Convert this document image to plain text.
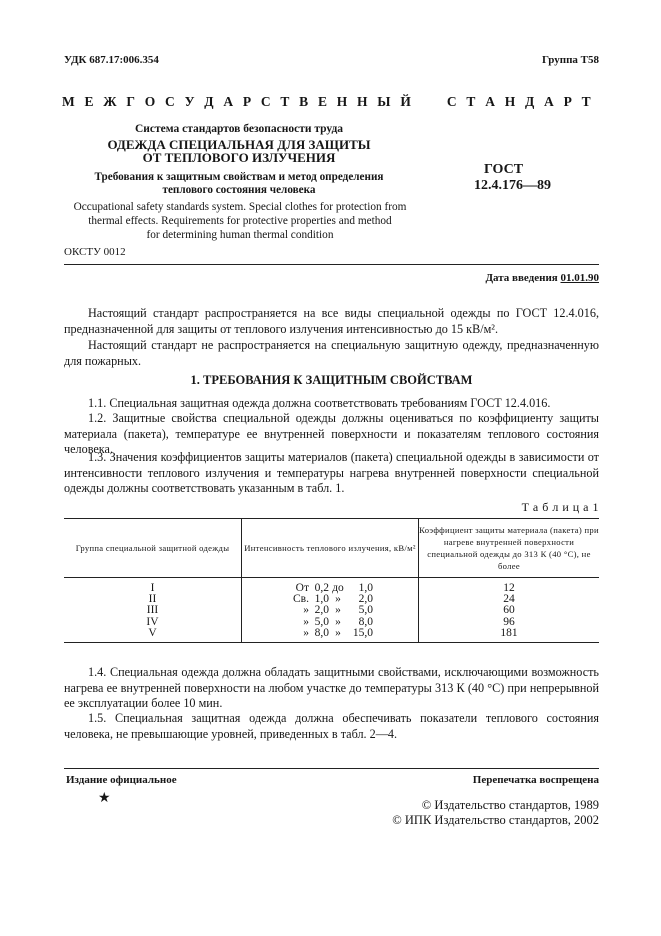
УДК 687.17:006.354	Группа Т58
М Е Ж Г О С У Д А Р С Т В Е Н Н Ы Й     С Т А Н Д А Р Т
Система стандартов безопасности труда
ОДЕЖДА СПЕЦИАЛЬНАЯ ДЛЯ ЗАЩИТЫ
ОТ ТЕПЛОВОГО ИЗЛУЧЕНИЯ
Требования к защитным свойствам и метод определения
теплового состояния человека
Occupational safety standards system. Special clothes for protection from
thermal effects. Requirements for protective properties and method
for determining human thermal condition
ГОСТ
12.4.176—89
ОКСТУ 0012
Дата введения 01.01.90
Настоящий стандарт распространяется на все виды специальной одежды по ГОСТ 12.4.016, предназначенной для защиты от теплового излучения интенсивностью до 15 кВ/м².
Настоящий стандарт не распространяется на специальную защитную одежду, предназначенную для пожарных.
1. ТРЕБОВАНИЯ К ЗАЩИТНЫМ СВОЙСТВАМ
1.1. Специальная защитная одежда должна соответствовать требованиям ГОСТ 12.4.016.
1.2. Защитные свойства специальной одежды должны оцениваться по коэффициенту защиты материала (пакета), температуре ее внутренней поверхности и показателям теплового состояния человека.
1.3. Значения коэффициентов защиты материалов (пакета) специальной одежды в зависимости от интенсивности теплового излучения и температуры нагрева внутренней поверхности специальной одежды должны соответствовать указанным в табл. 1.
Т а б л и ц а 1
Группа специальной защитной одежды	Интенсивность теплового излучения, кВ/м²	Коэффициент защиты материала (пакета) при нагреве внутренней поверхности специальной одежды до 313 К (40 °С), не более
I	От 0,2 до 1,0	12
II	Св. 1,0 » 2,0	24
III	» 2,0 » 5,0	60
IV	» 5,0 » 8,0	96
V	» 8,0 » 15,0	181
1.4. Специальная одежда должна обладать защитными свойствами, исключающими возможность нагрева ее внутренней поверхности на любом участке до температуры 313 К (40 °С) при непрерывной ее эксплуатации более 10 мин.
1.5. Специальная защитная одежда должна обеспечивать показатели теплового состояния человека, не превышающие уровней, приведенных в табл. 2—4.
Издание официальное	Перепечатка воспрещена
★	© Издательство стандартов, 1989
© ИПК Издательство стандартов, 2002
